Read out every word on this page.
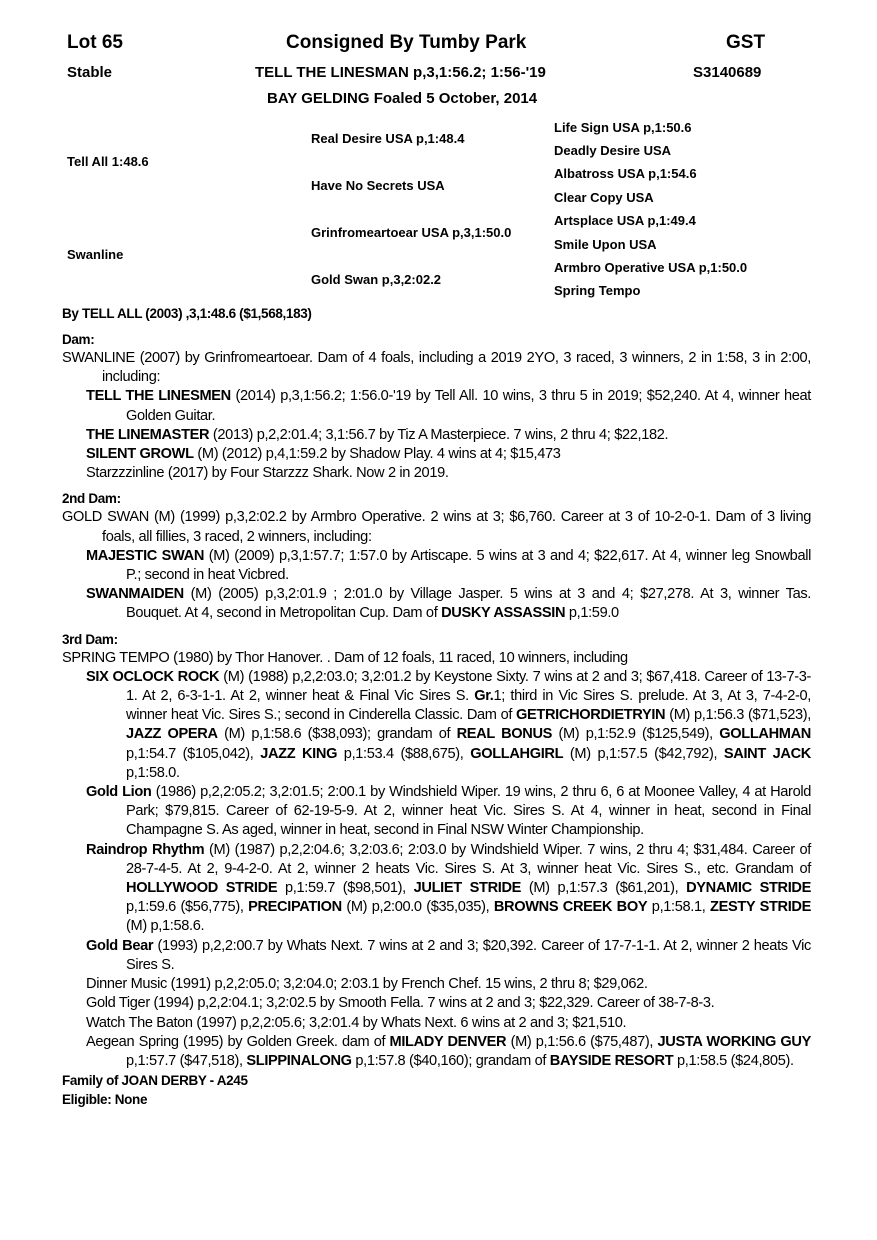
Lot 65	Consigned By Tumby Park	GST
Stable	TELL THE LINESMAN p,3,1:56.2; 1:56-'19	S3140689
BAY GELDING Foaled 5 October, 2014
Tell All 1:48.6
Swanline
Real Desire USA p,1:48.4
Have No Secrets USA
Grinfromeartoear USA p,3,1:50.0
Gold Swan p,3,2:02.2
Life Sign USA p,1:50.6
Deadly Desire USA
Albatross USA p,1:54.6
Clear Copy USA
Artsplace USA p,1:49.4
Smile Upon USA
Armbro Operative USA p,1:50.0
Spring Tempo
By TELL ALL (2003) ,3,1:48.6 ($1,568,183)
Dam:
SWANLINE (2007) by Grinfromeartoear. Dam of 4 foals, including a 2019 2YO, 3 raced, 3 winners, 2 in 1:58, 3 in 2:00, including:
TELL THE LINESMEN (2014) p,3,1:56.2; 1:56.0-'19 by Tell All. 10 wins, 3 thru 5 in 2019; $52,240. At 4, winner heat Golden Guitar.
THE LINEMASTER (2013) p,2,2:01.4; 3,1:56.7 by Tiz A Masterpiece. 7 wins, 2 thru 4; $22,182.
SILENT GROWL (M) (2012) p,4,1:59.2 by Shadow Play. 4 wins at 4; $15,473
Starzzzinline (2017) by Four Starzzz Shark. Now 2 in 2019.
2nd Dam:
GOLD SWAN (M) (1999) p,3,2:02.2 by Armbro Operative. 2 wins at 3; $6,760. Career at 3 of 10-2-0-1. Dam of 3 living foals, all fillies, 3 raced, 2 winners, including:
MAJESTIC SWAN (M) (2009) p,3,1:57.7; 1:57.0 by Artiscape. 5 wins at 3 and 4; $22,617. At 4, winner leg Snowball P.; second in heat Vicbred.
SWANMAIDEN (M) (2005) p,3,2:01.9 ; 2:01.0 by Village Jasper. 5 wins at 3 and 4; $27,278. At 3, winner Tas. Bouquet. At 4, second in Metropolitan Cup. Dam of DUSKY ASSASSIN p,1:59.0
3rd Dam:
SPRING TEMPO (1980) by Thor Hanover. . Dam of 12 foals, 11 raced, 10 winners, including
SIX OCLOCK ROCK (M) (1988) p,2,2:03.0; 3,2:01.2 by Keystone Sixty. 7 wins at 2 and 3; $67,418. Career of 13-7-3-1. At 2, 6-3-1-1. At 2, winner heat & Final Vic Sires S. Gr.1; third in Vic Sires S. prelude. At 3, At 3, 7-4-2-0, winner heat Vic. Sires S.; second in Cinderella Classic. Dam of GETRICHORDIETRYIN (M) p,1:56.3 ($71,523), JAZZ OPERA (M) p,1:58.6 ($38,093); grandam of REAL BONUS (M) p,1:52.9 ($125,549), GOLLAHMAN p,1:54.7 ($105,042), JAZZ KING p,1:53.4 ($88,675), GOLLAHGIRL (M) p,1:57.5 ($42,792), SAINT JACK p,1:58.0.
Gold Lion (1986) p,2,2:05.2; 3,2:01.5; 2:00.1 by Windshield Wiper. 19 wins, 2 thru 6, 6 at Moonee Valley, 4 at Harold Park; $79,815. Career of 62-19-5-9. At 2, winner heat Vic. Sires S. At 4, winner in heat, second in Final Champagne S. As aged, winner in heat, second in Final NSW Winter Championship.
Raindrop Rhythm (M) (1987) p,2,2:04.6; 3,2:03.6; 2:03.0 by Windshield Wiper. 7 wins, 2 thru 4; $31,484. Career of 28-7-4-5. At 2, 9-4-2-0. At 2, winner 2 heats Vic. Sires S. At 3, winner heat Vic. Sires S., etc. Grandam of HOLLYWOOD STRIDE p,1:59.7 ($98,501), JULIET STRIDE (M) p,1:57.3 ($61,201), DYNAMIC STRIDE p,1:59.6 ($56,775), PRECIPATION (M) p,2:00.0 ($35,035), BROWNS CREEK BOY p,1:58.1, ZESTY STRIDE (M) p,1:58.6.
Gold Bear (1993) p,2,2:00.7 by Whats Next. 7 wins at 2 and 3; $20,392. Career of 17-7-1-1. At 2, winner 2 heats Vic Sires S.
Dinner Music (1991) p,2,2:05.0; 3,2:04.0; 2:03.1 by French Chef. 15 wins, 2 thru 8; $29,062.
Gold Tiger (1994) p,2,2:04.1; 3,2:02.5 by Smooth Fella. 7 wins at 2 and 3; $22,329. Career of 38-7-8-3.
Watch The Baton (1997) p,2,2:05.6; 3,2:01.4 by Whats Next. 6 wins at 2 and 3; $21,510.
Aegean Spring (1995) by Golden Greek. dam of MILADY DENVER (M) p,1:56.6 ($75,487), JUSTA WORKING GUY p,1:57.7 ($47,518), SLIPPINALONG p,1:57.8 ($40,160); grandam of BAYSIDE RESORT p,1:58.5 ($24,805).
Family of JOAN DERBY - A245
Eligible: None
